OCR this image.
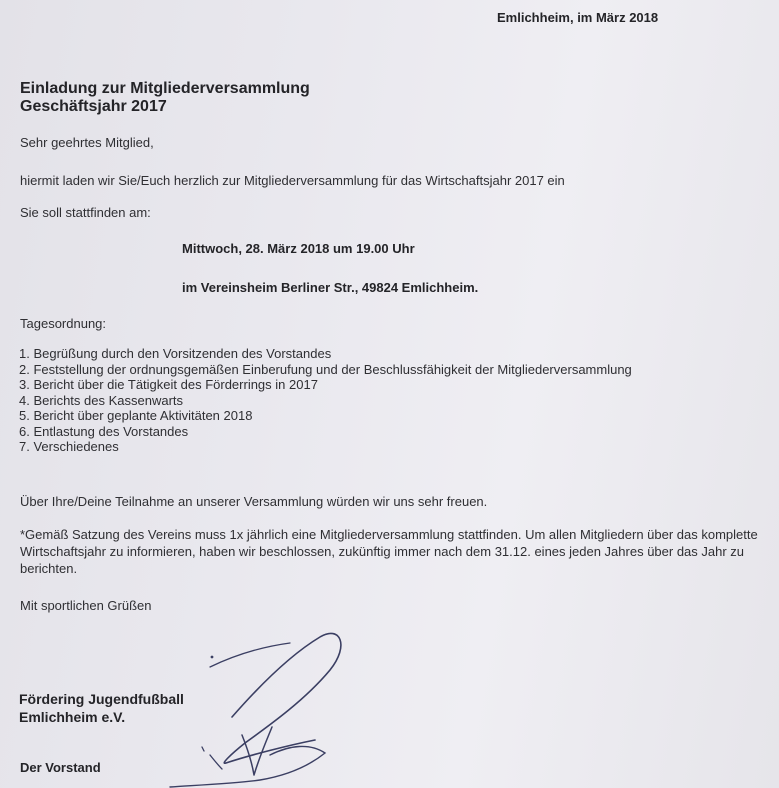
Emlichheim, im März 2018
Einladung zur Mitgliederversammlung
Geschäftsjahr 2017
Sehr geehrtes Mitglied,
hiermit laden wir Sie/Euch herzlich zur Mitgliederversammlung für das Wirtschaftsjahr 2017 ein
Sie soll stattfinden am:
Mittwoch, 28. März 2018 um 19.00 Uhr
im Vereinsheim Berliner Str., 49824 Emlichheim.
Tagesordnung:
1. Begrüßung durch den Vorsitzenden des Vorstandes
2. Feststellung der ordnungsgemäßen Einberufung und der Beschlussfähigkeit der Mitgliederversammlung
3. Bericht über die Tätigkeit des Förderrings in 2017
4. Berichts des Kassenwarts
5. Bericht über geplante Aktivitäten 2018
6. Entlastung des Vorstandes
7. Verschiedenes
Über Ihre/Deine Teilnahme an unserer Versammlung würden wir uns sehr freuen.
*Gemäß Satzung des Vereins muss 1x jährlich eine Mitgliederversammlung stattfinden. Um allen Mitgliedern über das komplette Wirtschaftsjahr zu informieren, haben wir beschlossen, zukünftig immer nach dem 31.12. eines jeden Jahres über das Jahr zu berichten.
Mit sportlichen Grüßen
Fördering Jugendfußball
Emlichheim e.V.
Der Vorstand
